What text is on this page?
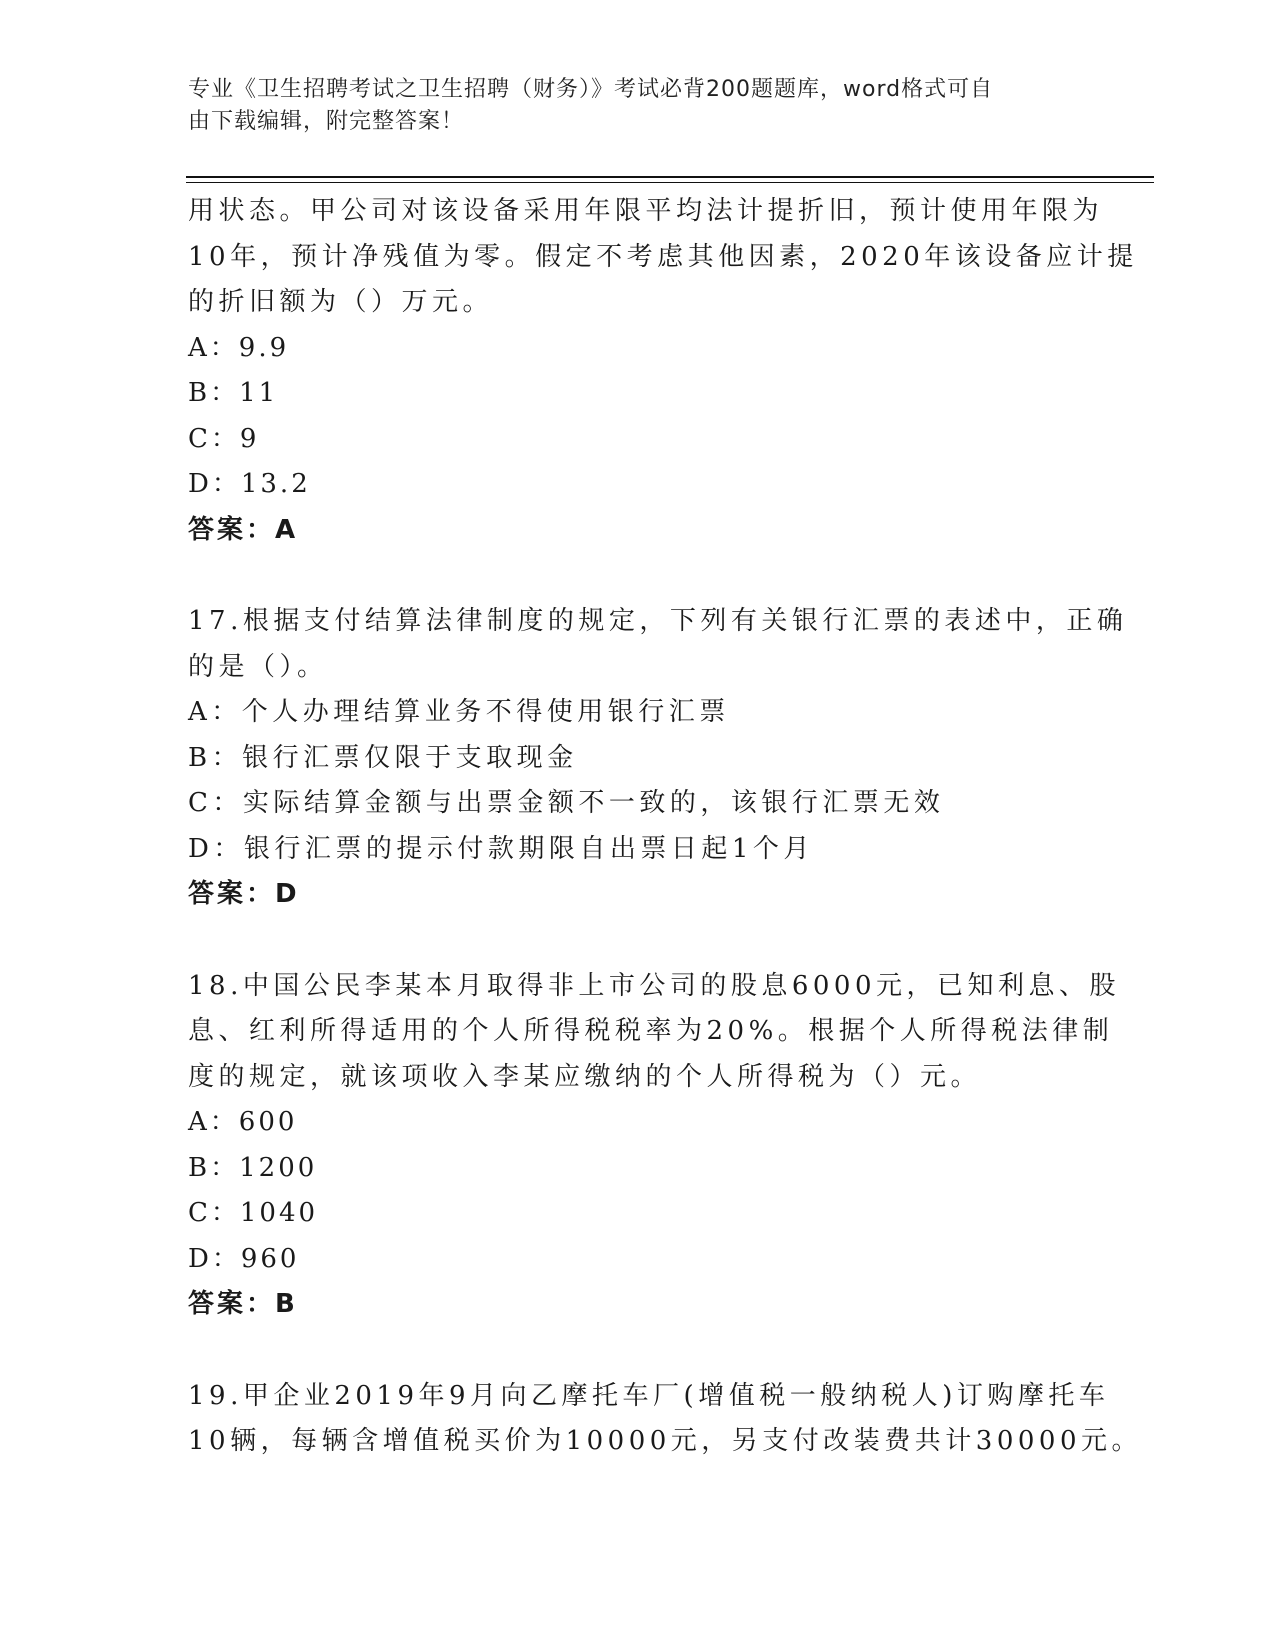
专业《卫生招聘考试之卫生招聘（财务）》考试必背200题题库，word格式可自
由下载编辑，附完整答案！
用状态。甲公司对该设备采用年限平均法计提折旧，预计使用年限为
10年，预计净残值为零。假定不考虑其他因素，2020年该设备应计提
的折旧额为（）万元。
A：9.9
B：11
C：9
D：13.2
答案：A
17.根据支付结算法律制度的规定，下列有关银行汇票的表述中，正确
的是（）。
A：个人办理结算业务不得使用银行汇票
B：银行汇票仅限于支取现金
C：实际结算金额与出票金额不一致的，该银行汇票无效
D：银行汇票的提示付款期限自出票日起1个月
答案：D
18.中国公民李某本月取得非上市公司的股息6000元，已知利息、股
息、红利所得适用的个人所得税税率为20%。根据个人所得税法律制
度的规定，就该项收入李某应缴纳的个人所得税为（）元。
A：600
B：1200
C：1040
D：960
答案：B
19.甲企业2019年9月向乙摩托车厂(增值税一般纳税人)订购摩托车
10辆，每辆含增值税买价为10000元，另支付改装费共计30000元。
